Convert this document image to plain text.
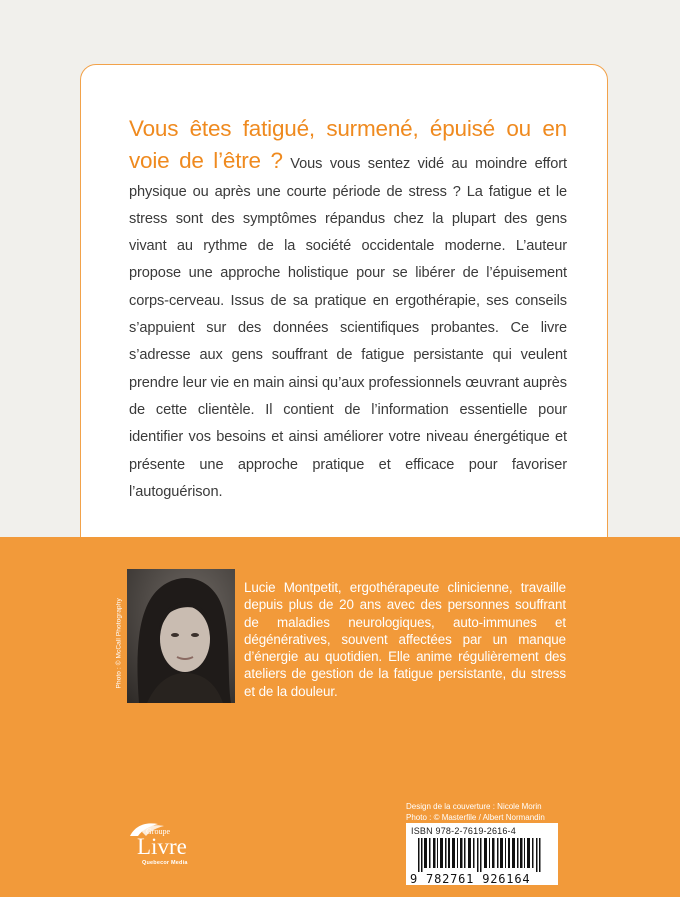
Vous êtes fatigué, surmené, épuisé ou en voie de l’être ? Vous vous sentez vidé au moindre effort physique ou après une courte période de stress ? La fatigue et le stress sont des symptômes répandus chez la plupart des gens vivant au rythme de la société occidentale moderne. L’auteur propose une approche holistique pour se libérer de l’épuisement corps-cerveau. Issus de sa pratique en ergothérapie, ses conseils s’appuient sur des données scientifiques probantes. Ce livre s’adresse aux gens souffrant de fatigue persistante qui veulent prendre leur vie en main ainsi qu’aux professionnels œuvrant auprès de cette clientèle. Il contient de l’information essentielle pour identifier vos besoins et ainsi améliorer votre niveau énergétique et présente une approche pratique et efficace pour favoriser l’autoguérison.
Photo : © McCall Photography
Lucie Montpetit, ergothérapeute clinicienne, travaille depuis plus de 20 ans avec des personnes souffrant de maladies neurologiques, auto-immunes et dégénératives, souvent affectées par un manque d’énergie au quotidien. Elle anime régulièrement des ateliers de gestion de la fatigue persistante, du stress et de la douleur.
Groupe
Livre
Quebecor Media
Design de la couverture : Nicole Morin
Photo : © Masterfile / Albert Normandin
ISBN 978-2-7619-2616-4
9 782761 926164
